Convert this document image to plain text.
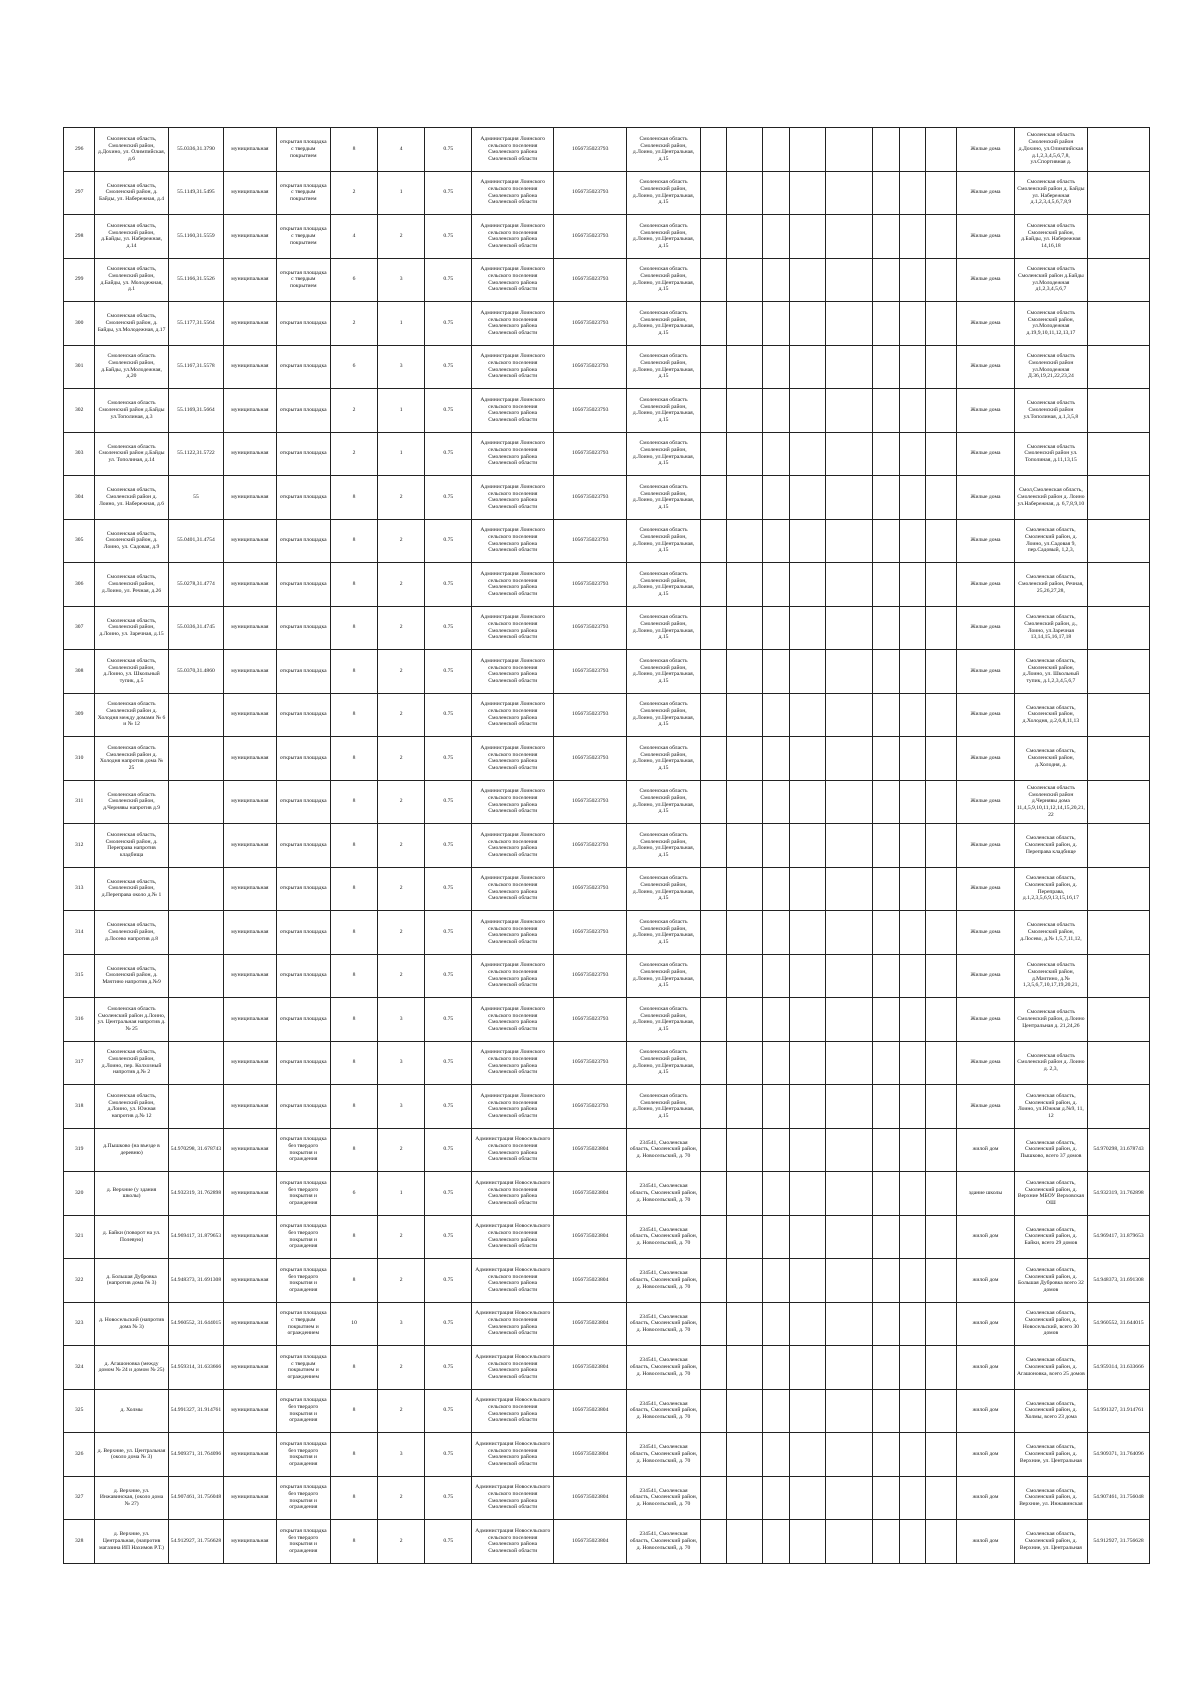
296	Смоленская область, Смоленский район, д.Дохино, ул. Олимпийская, д.6	55.0336,31.3790	муниципальная	открытая площадка с твердым покрытием	8	4	0.75	Администрация Лоинского сельского поселения Смоленского района Смоленской области	1056735023793	Смоленская область Смоленский район, д.Лоино, ул.Центральная, д.15									Жилые дома	Смоленская область Смоленский район д.Дохино, ул.Олимпийская д.1,2,3,4,5,6,7,8, ул.Спортивная д.	
297	Смоленская область, Смоленский район, д. Байды, ул. Набережная, д.4	55.1149,31.5495	муниципальная	открытая площадка с твердым покрытием	2	1	0.75	Администрация Лоинского сельского поселения Смоленского района Смоленской области	1056735023793	Смоленская область Смоленский район, д.Лоино, ул.Центральная, д.15									Жилые дома	Смоленская область Смоленский район д. Байды ул. Набережная д.1,2,3,4,5,6,7,8,9	
298	Смоленская область, Смоленский район, д.Байды, ул. Набережная, д.14	55.1160,31.5559	муниципальная	открытая площадка с твердым покрытием	4	2	0.75	Администрация Лоинского сельского поселения Смоленского района Смоленской области	1056735023793	Смоленская область Смоленский район, д.Лоино, ул.Центральная, д.15									Жилые дома	Смоленская область Смоленский район, д.Байды, ул. Набережная 14,16,18	
299	Смоленская область, Смоленский район, д.Байды, ул. Молодежная, д.1	55.1166,31.5526	муниципальная	открытая площадка с твердым покрытием	6	3	0.75	Администрация Лоинского сельского поселения Смоленского района Смоленской области	1056735023793	Смоленская область Смоленский район, д.Лоино, ул.Центральная, д.15									Жилые дома	Смоленская область Смоленский район д.Байды ул.Молодежная д1,2,3,4,5,6,7	
300	Смоленская область, Смоленский район, д. Байды, ул.Молодежная, д.17	55.1177,31.5564	муниципальная	открытая площадка	2	1	0.75	Администрация Лоинского сельского поселения Смоленского района Смоленской области	1056735023793	Смоленская область Смоленский район, д.Лоино, ул.Центральная, д.15									Жилые дома	Смоленская область Смоленский район, ул.Молодежная д.19,9,10,11,12,13,17	
301	Смоленская область Смоленский район, д.Байды, ул.Молодежная, д.20	55.1167,31.5578	муниципальная	открытая площадка	6	3	0.75	Администрация Лоинского сельского поселения Смоленского района Смоленской области	1056735023793	Смоленская область Смоленский район, д.Лоино, ул.Центральная, д.15									Жилые дома	Смоленская область Смоленский район ул.Молодежная Д.36,19,21,22,23,24	
302	Смоленская область Смоленский район д.Байды ул.Тополиная, д.3	55.1169,31.5664	муниципальная	открытая площадка	2	1	0.75	Администрация Лоинского сельского поселения Смоленского района Смоленской области	1056735023793	Смоленская область Смоленский район, д.Лоино, ул.Центральная, д.15									Жилые дома	Смоленская область Смоленский район ул.Тополиная, д.1,3,5,8	
303	Смоленская область Смоленский район д.Байды ул. Тополиная, д.14	55.1122,31.5722	муниципальная	открытая площадка	2	1	0.75	Администрация Лоинского сельского поселения Смоленского района Смоленской области	1056735023793	Смоленская область Смоленский район, д.Лоино, ул.Центральная, д.15									Жилые дома	Смоленская область Смоленский район ул. Тополиная, д.11,13,15	
304	Смоленская область, Смоленский район д. Лоино, ул. Набережная, д.6	55	муниципальная	открытая площадка	8	2	0.75	Администрация Лоинского сельского поселения Смоленского района Смоленской области	1056735023793	Смоленская область Смоленский район, д.Лоино, ул.Центральная, д.15									Жилые дома	Смол,Смоленская область, Смоленский район д. Лоино ул.Набережная, д. 6,7,8,9,10	
305	Смоленская область, Смоленский район, д. Лоино, ул. Садовая, д.9	55.0401,31.4754	муниципальная	открытая площадка	8	2	0.75	Администрация Лоинского сельского поселения Смоленского района Смоленской области	1056735023793	Смоленская область Смоленский район, д.Лоино, ул.Центральная, д.15									Жилые дома	Смоленская область, Смоленский район, д. Лоино, ул.Садовая 9, пер.Садовый, 1,2,3,	
306	Смоленская область, Смоленский район, д.Лоино, ул. Речная, д.26	55.0278,31.4774	муниципальная	открытая площадка	8	2	0.75	Администрация Лоинского сельского поселения Смоленского района Смоленской области	1056735023793	Смоленская область Смоленский район, д.Лоино, ул.Центральная, д.15									Жилые дома	Смоленская область, Смоленский район, Речная, 25,26,27,28,	
307	Смоленская область, Смоленский район, д.Лоино, ул. Заречная, д.15	55.0336,31.4745	муниципальная	открытая площадка	8	2	0.75	Администрация Лоинского сельского поселения Смоленского района Смоленской области	1056735023793	Смоленская область Смоленский район, д.Лоино, ул.Центральная, д.15									Жилые дома	Смоленская область, Смоленский район, д., Лоино, ул.Заречная 13,14,15,16,17,18	
308	Смоленская область, Смоленский район, д.Лоино, ул. Школьный тупик, д.5	55.0370,31.4860	муниципальная	открытая площадка	8	2	0.75	Администрация Лоинского сельского поселения Смоленского района Смоленской области	1056735023793	Смоленская область Смоленский район, д.Лоино, ул.Центральная, д.15									Жилые дома	Смоленская область, Смоленский район, д.Лоино, ул. Школьный тупик, д.1,2,3,4,5,6,7	
309	Смоленская область Смоленский район д. Холодня между домами № 6 и № 12		муниципальная	открытая площадка	8	2	0.75	Администрация Лоинского сельского поселения Смоленского района Смоленской области	1056735023793	Смоленская область Смоленский район, д.Лоино, ул.Центральная, д.15									Жилые дома	Смоленская область, Смоленский район, д.Холодня, д.2,6,8,11,13	
310	Смоленская область Смоленский район д. Холодня напротив дома № 25		муниципальная	открытая площадка	8	2	0.75	Администрация Лоинского сельского поселения Смоленского района Смоленской области	1056735023793	Смоленская область Смоленский район, д.Лоино, ул.Центральная, д.15									Жилые дома	Смоленская область, Смоленский район, д.Холодня, д.	
311	Смоленская область Смоленский район, д.Чернявы напротив д.9		муниципальная	открытая площадка	8	2	0.75	Администрация Лоинского сельского поселения Смоленского района Смоленской области	1056735023793	Смоленская область Смоленский район, д.Лоино, ул.Центральная, д.15									Жилые дома	Смоленская область Смоленский район д.Чернявы дома 11,4,5,9,10,11,12,14,15,20,21,22	
312	Смоленская область, Смоленский район, д. Переправа напротив кладбища		муниципальная	открытая площадка	8	2	0.75	Администрация Лоинского сельского поселения Смоленского района Смоленской области	1056735023793	Смоленская область Смоленский район, д.Лоино, ул.Центральная, д.15									Жилые дома	Смоленская область, Смоленский район, д. Переправа кладбище	
313	Смоленская область, Смоленский район, д.Переправа около д.№ 1		муниципальная	открытая площадка	8	2	0.75	Администрация Лоинского сельского поселения Смоленского района Смоленской области	1056735023793	Смоленская область Смоленский район, д.Лоино, ул.Центральная, д.15									Жилые дома	Смоленская область, Смоленский район, д. Переправа, д.1,2,3,5,6,9,13,15,16,17	
314	Смоленская область, Смоленский район, д.Лосево напротив д.8		муниципальная	открытая площадка	8	2	0.75	Администрация Лоинского сельского поселения Смоленского района Смоленской области	1056735023793	Смоленская область Смоленский район, д.Лоино, ул.Центральная, д.15									Жилые дома	Смоленская область Смоленский район, д.Лосево, д.№ 1,5,7,11,12,	
315	Смоленская область, Смоленский район, д. Мачтино напротив д.№9		муниципальная	открытая площадка	8	2	0.75	Администрация Лоинского сельского поселения Смоленского района Смоленской области	1056735023793	Смоленская область Смоленский район, д.Лоино, ул.Центральная, д.15									Жилые дома	Смоленская область Смоленский район, д.Мачтино, д.№ 1,3,5,6,7,10,17,19,20,21,	
316	Смоленская область Смоленский район д.Лоино, ул. Центральная напротив д.№ 25		муниципальная	открытая площадка	8	3	0.75	Администрация Лоинского сельского поселения Смоленского района Смоленской области	1056735023793	Смоленская область Смоленский район, д.Лоино, ул.Центральная, д.15									Жилые дома	Смоленская область Смоленский район, д.Лоино Центральная д. 21,24,26	
317	Смоленская область, Смоленский район, д.Лоино, пер. Колхозный напротив д.№ 2		муниципальная	открытая площадка	8	3	0.75	Администрация Лоинского сельского поселения Смоленского района Смоленской области	1056735023793	Смоленская область Смоленский район, д.Лоино, ул.Центральная, д.15									Жилые дома	Смоленская область Смоленский район д. Лоино д. 2,3,	
318	Смоленская область, Смоленский район, д.Лоино, ул. Южная напротив д.№ 12		муниципальная	открытая площадка	8	3	0.75	Администрация Лоинского сельского поселения Смоленского района Смоленской области	1056735023793	Смоленская область Смоленский район, д.Лоино, ул.Центральная, д.15									Жилые дома	Смоленская область, Смоленский район, д. Лоино, ул.Южная д.№9, 11, 12	
319	д.Пышково (на въезде в деревню)	54.970298, 31.678743	муниципальная	открытая площадка без твердого покрытия и ограждения	8	2	0.75	Администрация Новосельского сельского поселения Смоленского района Смоленской области	1056735023804	234541, Смоленская область, Смоленский район, д. Новосельский, д. 70									жилой дом	Смоленская область, Смоленский район, д. Пышково, всего 37 домов	54.970298, 31.678743
320	д. Верхние (у здания школы)	54.932319, 31.762898	муниципальная	открытая площадка без твердого покрытия и ограждения	6	1	0.75	Администрация Новосельского сельского поселения Смоленского района Смоленской области	1056735023804	234541, Смоленская область, Смоленский район, д. Новосельский, д. 70									здание школы	Смоленская область, Смоленский район, д. Верхние МБОУ Верховская ОШ	54.932319, 31.762898
321	д. Байки (поворот на ул. Полевую)	54.969417, 31.879653	муниципальная	открытая площадка без твердого покрытия и ограждения	8	2	0.75	Администрация Новосельского сельского поселения Смоленского района Смоленской области	1056735023804	234541, Смоленская область, Смоленский район, д. Новосельский, д. 70									жилой дом	Смоленская область, Смоленский район, д. Байки, всего 29 домов	54.969417, 31.879653
322	д. Большая Дубровка (напротив дома № 3)	54.948373, 31.691308	муниципальная	открытая площадка без твердого покрытия и ограждения	8	2	0.75	Администрация Новосельского сельского поселения Смоленского района Смоленской области	1056735023804	234541, Смоленская область, Смоленский район, д. Новосельский, д. 70									жилой дом	Смоленская область, Смоленский район, д. Большая Дубровка всего 32 домов	54.948373, 31.691308
323	д. Новосельский (напротив дома № 3)	54.960552, 31.644015	муниципальная	открытая площадка с твердым покрытием и ограждением	10	3	0.75	Администрация Новосельского сельского поселения Смоленского района Смоленской области	1056735023804	234541, Смоленская область, Смоленский район, д. Новосельский, д. 70									жилой дом	Смоленская область, Смоленский район, д. Новосельский, всего 30 домов	54.960552, 31.644015
324	д. Агашоновка (между домом № 24 и домом № 25)	54.959314, 31.633666	муниципальная	открытая площадка с твердым покрытием и ограждением	8	2	0.75	Администрация Новосельского сельского поселения Смоленского района Смоленской области	1056735023804	234541, Смоленская область, Смоленский район, д. Новосельский, д. 70									жилой дом	Смоленская область, Смоленский район, д. Агашоновка, всего 25 домов	54.959314, 31.633666
325	д. Холмы	54.991327, 31.914761	муниципальная	открытая площадка без твердого покрытия и ограждения	8	2	0.75	Администрация Новосельского сельского поселения Смоленского района Смоленской области	1056735023804	234541, Смоленская область, Смоленский район, д. Новосельский, д. 70									жилой дом	Смоленская область, Смоленский район, д. Холмы, всего 23 дома	54.991327, 31.914761
326	д. Верхние, ул. Центральная (около дома № 3)	54.909371, 31.764096	муниципальная	открытая площадка без твердого покрытия и ограждения	8	3	0.75	Администрация Новосельского сельского поселения Смоленского района Смоленской области	1056735023804	234541, Смоленская область, Смоленский район, д. Новосельский, д. 70									жилой дом	Смоленская область, Смоленский район, д. Верхние, ул. Центральная	54.909371, 31.764096
327	д. Верхние, ул. Инжавинская, (около дома № 27)	54.907461, 31.756048	муниципальная	открытая площадка без твердого покрытия и ограждения	8	2	0.75	Администрация Новосельского сельского поселения Смоленского района Смоленской области	1056735023804	234541, Смоленская область, Смоленский район, д. Новосельский, д. 70									жилой дом	Смоленская область, Смоленский район, д. Верхние, ул. Инжавинская	54.907461, 31.756048
328	д. Верхние, ул. Центральная, (напротив магазина ИП Нахимов Р.Т.)	54.912927, 31.756628	муниципальная	открытая площадка без твердого покрытия и ограждения	8	2	0.75	Администрация Новосельского сельского поселения Смоленского района Смоленской области	1056735023804	234541, Смоленская область, Смоленский район, д. Новосельский, д. 70									жилой дом	Смоленская область, Смоленский район, д. Верхние, ул. Центральная	54.912927, 31.756628
